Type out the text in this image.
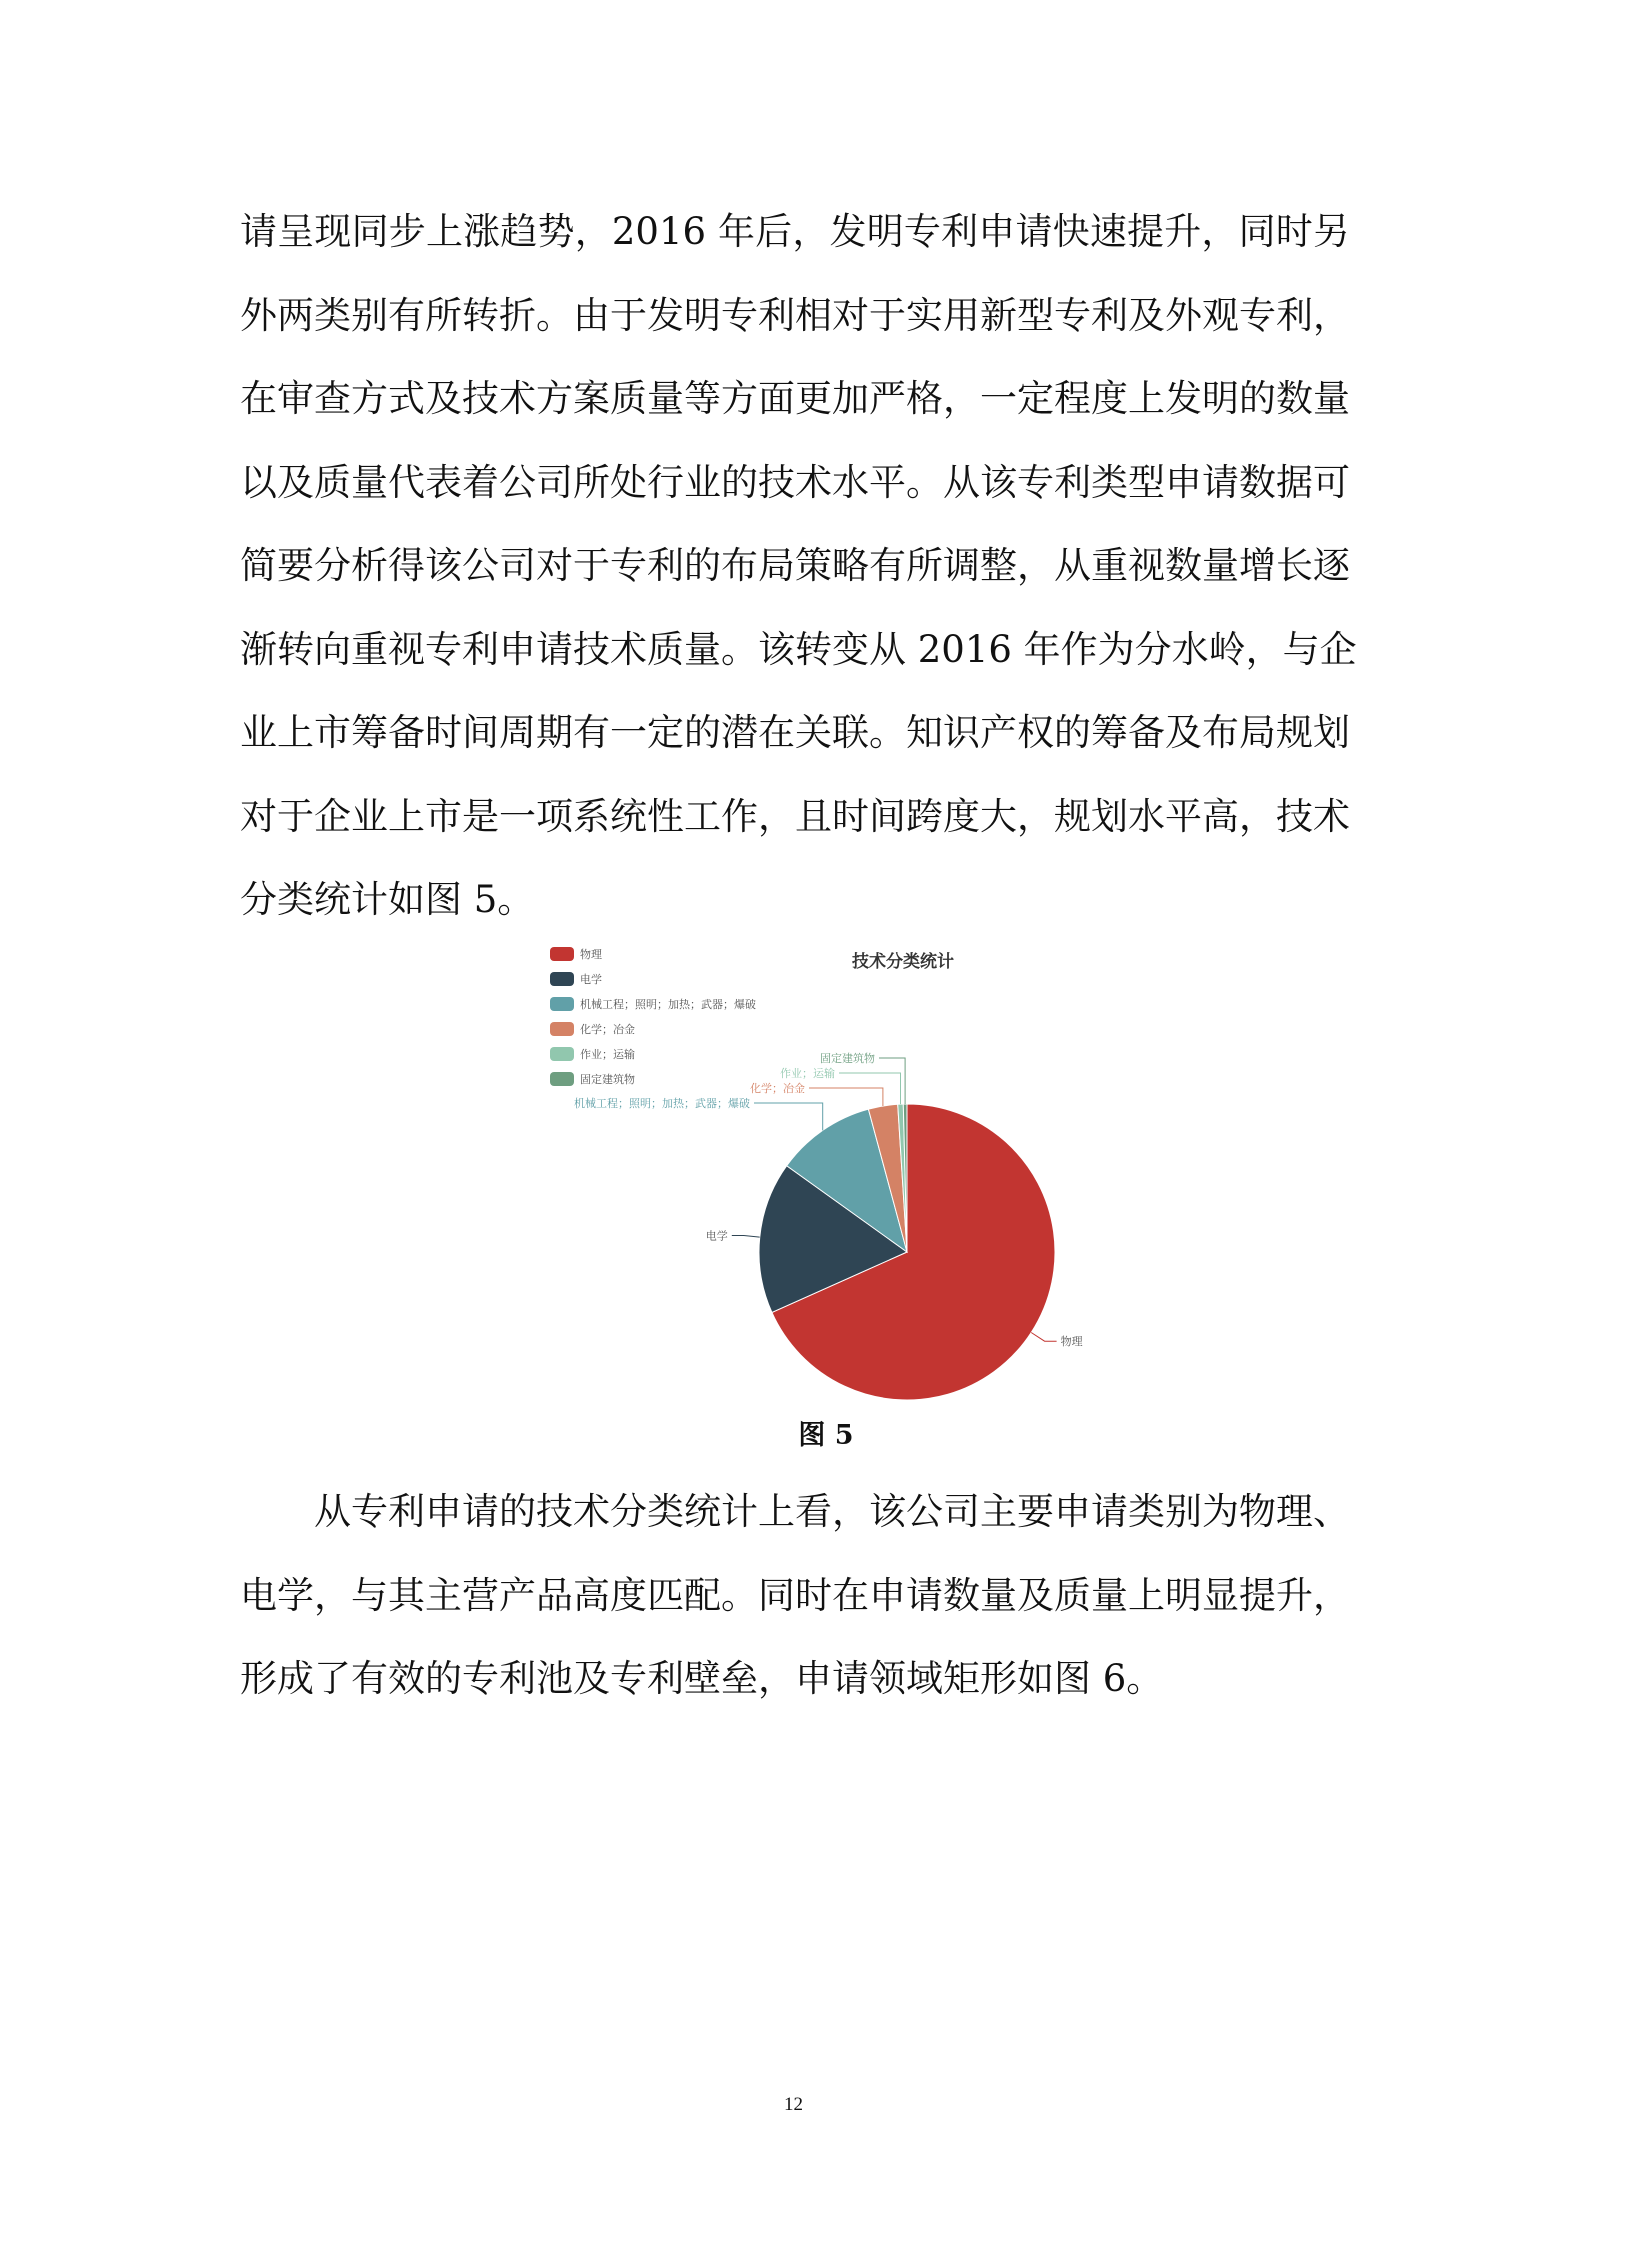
请呈现同步上涨趋势，2016 年后，发明专利申请快速提升，同时另
外两类别有所转折。由于发明专利相对于实用新型专利及外观专利，
在审查方式及技术方案质量等方面更加严格，一定程度上发明的数量
以及质量代表着公司所处行业的技术水平。从该专利类型申请数据可
简要分析得该公司对于专利的布局策略有所调整，从重视数量增长逐
渐转向重视专利申请技术质量。该转变从 2016 年作为分水岭，与企
业上市筹备时间周期有一定的潜在关联。知识产权的筹备及布局规划
对于企业上市是一项系统性工作，且时间跨度大，规划水平高，技术
分类统计如图 5。
技术分类统计
物理
电学
机械工程；照明；加热；武器；爆破
化学；冶金
作业；运输
固定建筑物
物理
电学
机械工程；照明；加热；武器；爆破
化学；冶金
作业；运输
固定建筑物
图 5
从专利申请的技术分类统计上看，该公司主要申请类别为物理、
电学，与其主营产品高度匹配。同时在申请数量及质量上明显提升，
形成了有效的专利池及专利壁垒，申请领域矩形如图 6。
12
